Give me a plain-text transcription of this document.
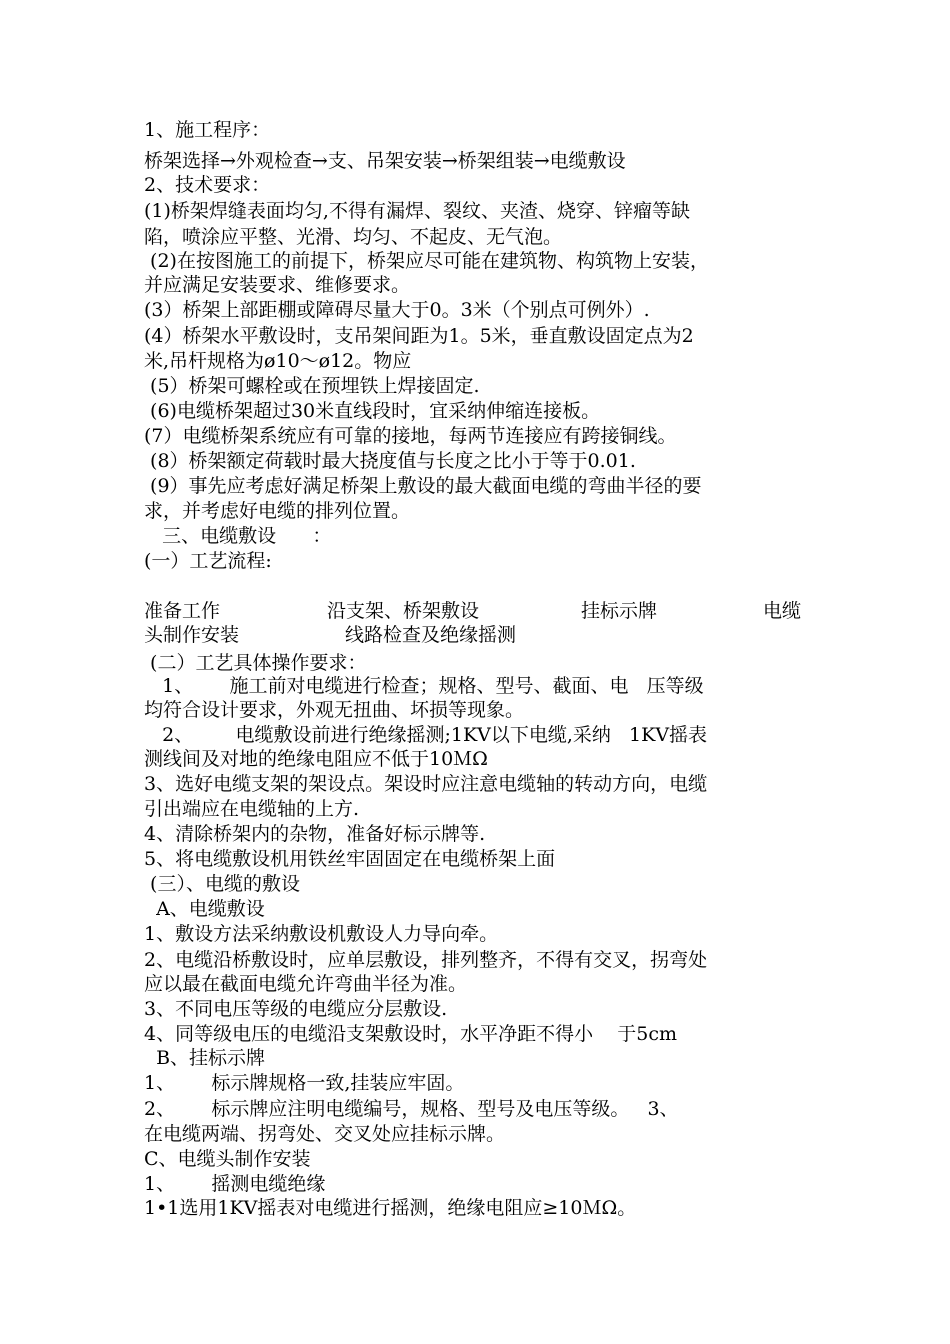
1、施工程序：
桥架选择→外观检查→支、吊架安装→桥架组装→电缆敷设
2、技术要求：
(1)桥架焊缝表面均匀,不得有漏焊、裂纹、夹渣、烧穿、锌瘤等缺
陷，喷涂应平整、光滑、均匀、不起皮、无气泡。
(2)在按图施工的前提下，桥架应尽可能在建筑物、构筑物上安装，
并应满足安装要求、维修要求。
(3）桥架上部距棚或障碍尽量大于0。3米（个别点可例外）.
(4）桥架水平敷设时，支吊架间距为1。5米，垂直敷设固定点为2
米,吊杆规格为ø10～ø12。物应
(5）桥架可螺栓或在预埋铁上焊接固定.
(6)电缆桥架超过30米直线段时，宜采纳伸缩连接板。
(7）电缆桥架系统应有可靠的接地，每两节连接应有跨接铜线。
(8）桥架额定荷载时最大挠度值与长度之比小于等于0.01.
(9）事先应考虑好满足桥架上敷设的最大截面电缆的弯曲半径的要
求，并考虑好电缆的排列位置。
三、电缆敷设      ：
(一）工艺流程:

准备工作

	沿支架、桥架敷设

	挂标示牌

	电缆

头制作安装

	线路检查及绝缘摇测

(二）工艺具体操作要求：
1、      施工前对电缆进行检查；规格、型号、截面、电   压等级
均符合设计要求，外观无扭曲、坏损等现象。
2、       电缆敷设前进行绝缘摇测;1KV以下电缆,采纳   1KV摇表
测线间及对地的绝缘电阻应不低于10ＭΩ
3、选好电缆支架的架设点。架设时应注意电缆轴的转动方向，电缆
引出端应在电缆轴的上方.
4、清除桥架内的杂物，准备好标示牌等.
5、将电缆敷设机用铁丝牢固固定在电缆桥架上面
(三）、电缆的敷设
A、电缆敷设
1、敷设方法采纳敷设机敷设人力导向牵。
2、电缆沿桥敷设时，应单层敷设，排列整齐，不得有交叉，拐弯处
应以最在截面电缆允许弯曲半径为准。
3、不同电压等级的电缆应分层敷设.
4、同等级电压的电缆沿支架敷设时，水平净距不得小    于5cm
B、挂标示牌
1、      标示牌规格一致,挂装应牢固。
2、      标示牌应注明电缆编号，规格、型号及电压等级。   3、
在电缆两端、拐弯处、交叉处应挂标示牌。
C、电缆头制作安装
1、      摇测电缆绝缘
1•1选用1KV摇表对电缆进行摇测，绝缘电阻应≥10ＭΩ。
